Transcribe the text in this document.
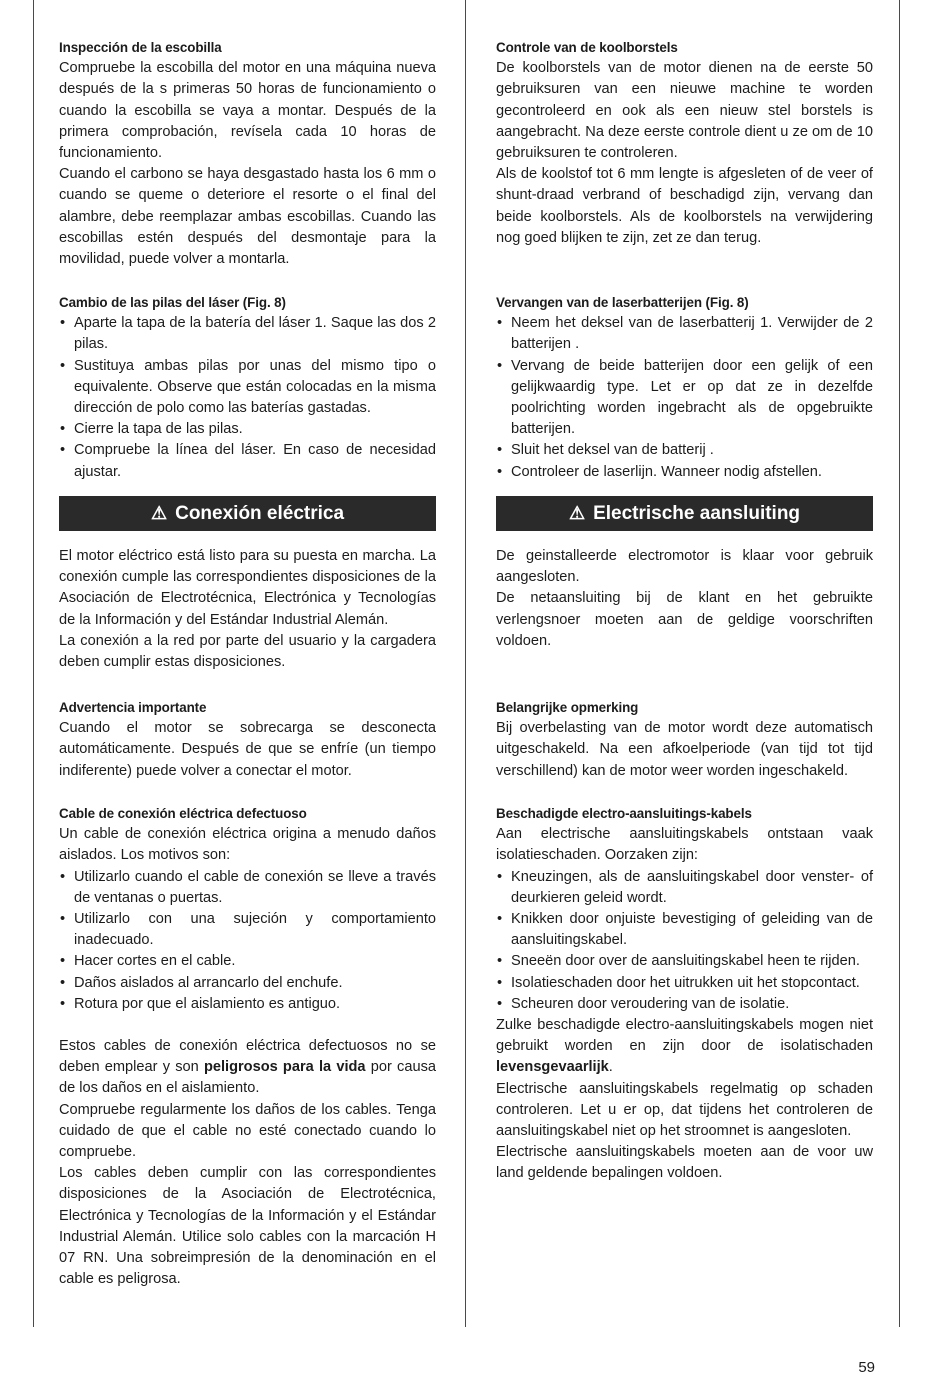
Inspección de la escobilla

Compruebe la escobilla del motor en una máquina nueva después de la s primeras 50 horas de funcionamiento o cuando la escobilla se vaya a montar. Después de la primera comprobación, revísela cada 10 horas de funcionamiento.

Cuando el carbono se haya desgastado hasta los 6 mm o cuando se queme o deteriore el resorte o el final del alambre, debe reemplazar ambas escobillas. Cuando las escobillas estén después del desmontaje para la movilidad, puede volver a montarla.

Cambio de las pilas del láser (Fig. 8)

• Aparte la tapa de la batería del láser 1. Saque las dos 2 pilas.
• Sustituya ambas pilas por unas del mismo tipo o equivalente. Observe que están colocadas en la misma dirección de polo como las baterías gastadas.
• Cierre la tapa de las pilas.
• Compruebe la línea del láser. En caso de necesidad ajustar.
⚠ Conexión eléctrica

El motor eléctrico está listo para su puesta en marcha. La conexión cumple las correspondientes disposiciones de la Asociación de Electrotécnica, Electrónica y Tecnologías de la Información y del Estándar Industrial Alemán.

La conexión a la red por parte del usuario y la cargadera deben cumplir estas disposiciones.

Advertencia importante

Cuando el motor se sobrecarga se desconecta automáticamente. Después de que se enfríe (un tiempo indiferente) puede volver a conectar el motor.

Cable de conexión eléctrica defectuoso

Un cable de conexión eléctrica origina a menudo daños aislados. Los motivos son:

• Utilizarlo cuando el cable de conexión se lleve a través de ventanas o puertas.
• Utilizarlo con una sujeción y comportamiento inadecuado.
• Hacer cortes en el cable.
• Daños aislados al arrancarlo del enchufe.
• Rotura por que el aislamiento es antiguo.

Estos cables de conexión eléctrica defectuosos no se deben emplear y son peligrosos para la vida por causa de los daños en el aislamiento.

Compruebe regularmente los daños de los cables. Tenga cuidado de que el cable no esté conectado cuando lo compruebe.

Los cables deben cumplir con las correspondientes disposiciones de la Asociación de Electrotécnica, Electrónica y Tecnologías de la Información y el Estándar Industrial Alemán. Utilice solo cables con la marcación H 07 RN. Una sobreimpresión de la denominación en el cable es peligrosa.

Controle van de koolborstels

De koolborstels van de motor dienen na de eerste 50 gebruiksuren van een nieuwe machine te worden gecontroleerd en ook als een nieuw stel borstels is aangebracht. Na deze eerste controle dient u ze om de 10 gebruiksuren te controleren.

Als de koolstof tot 6 mm lengte is afgesleten of de veer of shunt-draad verbrand of beschadigd zijn, vervang dan beide koolborstels. Als de koolborstels na verwijdering nog goed blijken te zijn, zet ze dan terug.

Vervangen van de laserbatterijen (Fig. 8)

• Neem het deksel van de laserbatterij 1. Verwijder de 2 batterijen .
• Vervang de beide batterijen door een gelijk of een gelijkwaardig type. Let er op dat ze in dezelfde poolrichting worden ingebracht als de opgebruikte batterijen.
• Sluit het deksel van de batterij .
• Controleer de laserlijn. Wanneer nodig afstellen.
⚠ Electrische aansluiting

De geinstalleerde electromotor is klaar voor gebruik aangesloten.

De netaansluiting bij de klant en het gebruikte verlengsnoer moeten aan de geldige voorschriften voldoen.

Belangrijke opmerking

Bij overbelasting van de motor wordt deze automatisch uitgeschakeld. Na een afkoelperiode (van tijd tot tijd verschillend) kan de motor weer worden ingeschakeld.

Beschadigde electro-aansluitings-kabels

Aan electrische aansluitingskabels ontstaan vaak isolatieschaden. Oorzaken zijn:

• Kneuzingen, als de aansluitingskabel door venster- of deurkieren geleid wordt.
• Knikken door onjuiste bevestiging of geleiding van de aansluitingskabel.
• Sneeën door over de aansluitingskabel heen te rijden.
• Isolatieschaden door het uitrukken uit het stopcontact.
• Scheuren door veroudering van de isolatie.

Zulke beschadigde electro-aansluitingskabels mogen niet gebruikt worden en zijn door de isolatischaden levensgevaarlijk.

Electrische aansluitingskabels regelmatig op schaden controleren. Let u er op, dat tijdens het controleren de aansluitingskabel niet op het stroomnet is aangesloten.

Electrische aansluitingskabels moeten aan de voor uw land geldende bepalingen voldoen.

59
